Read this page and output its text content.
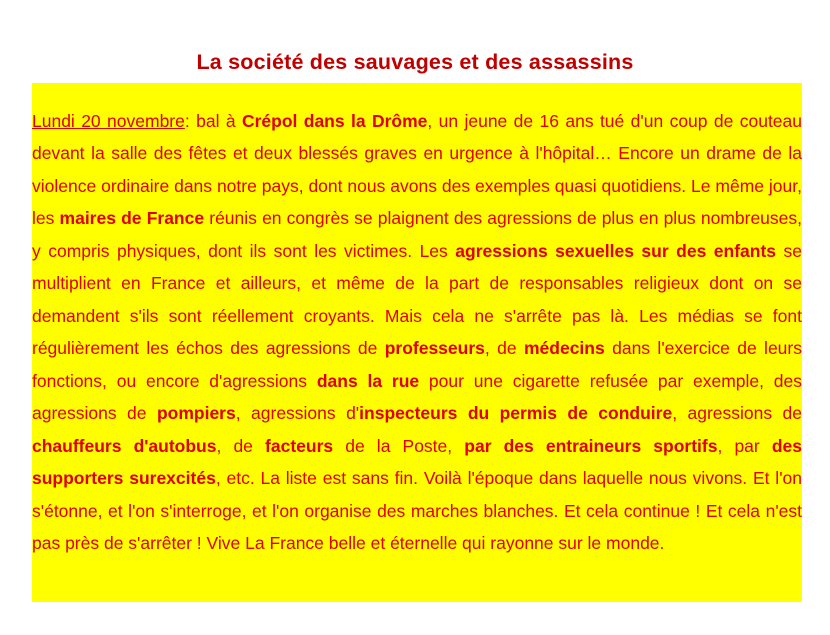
La société des sauvages et des assassins

Lundi 20 novembre: bal à Crépol dans la Drôme, un jeune de 16 ans tué d'un coup de couteau devant la salle des fêtes et deux blessés graves en urgence à l'hôpital… Encore un drame de la violence ordinaire dans notre pays, dont nous avons des exemples quasi quotidiens. Le même jour, les maires de France réunis en congrès se plaignent des agressions de plus en plus nombreuses, y compris physiques, dont ils sont les victimes. Les agressions sexuelles sur des enfants se multiplient en France et ailleurs, et même de la part de responsables religieux dont on se demandent s'ils sont réellement croyants. Mais cela ne s'arrête pas là. Les médias se font régulièrement les échos des agressions de professeurs, de médecins dans l'exercice de leurs fonctions, ou encore d'agressions dans la rue pour une cigarette refusée par exemple, des agressions de pompiers, agressions d'inspecteurs du permis de conduire, agressions de chauffeurs d'autobus, de facteurs de la Poste, par des entraineurs sportifs, par des supporters surexcités, etc. La liste est sans fin. Voilà l'époque dans laquelle nous vivons. Et l'on s'étonne, et l'on s'interroge, et l'on organise des marches blanches. Et cela continue ! Et cela n'est pas près de s'arrêter ! Vive La France belle et éternelle qui rayonne sur le monde.
